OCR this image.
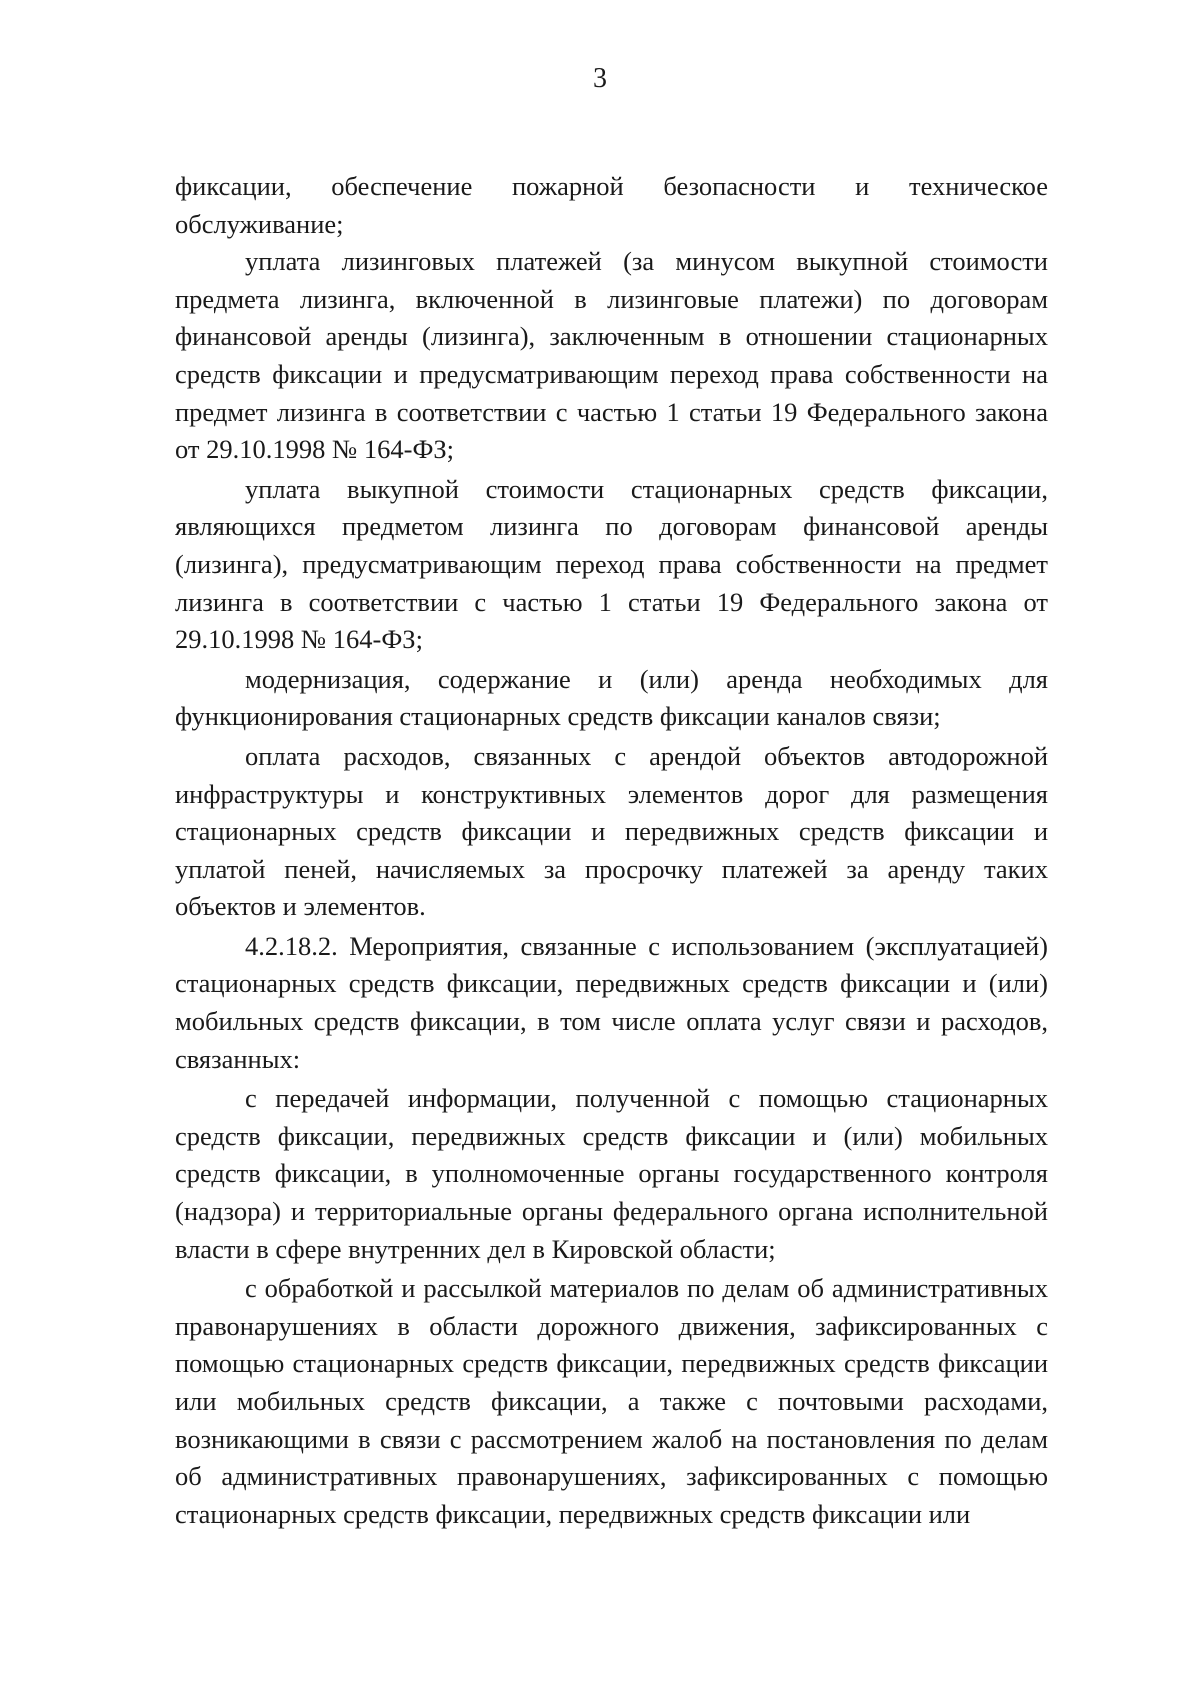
3

фиксации, обеспечение пожарной безопасности и техническое обслуживание;

уплата лизинговых платежей (за минусом выкупной стоимости предмета лизинга, включенной в лизинговые платежи) по договорам финансовой аренды (лизинга), заключенным в отношении стационарных средств фиксации и предусматривающим переход права собственности на предмет лизинга в соответствии с частью 1 статьи 19 Федерального закона от 29.10.1998 № 164-ФЗ;

уплата выкупной стоимости стационарных средств фиксации, являющихся предметом лизинга по договорам финансовой аренды (лизинга), предусматривающим переход права собственности на предмет лизинга в соответствии с частью 1 статьи 19 Федерального закона от 29.10.1998 № 164-ФЗ;

модернизация, содержание и (или) аренда необходимых для функционирования стационарных средств фиксации каналов связи;

оплата расходов, связанных с арендой объектов автодорожной инфраструктуры и конструктивных элементов дорог для размещения стационарных средств фиксации и передвижных средств фиксации и уплатой пеней, начисляемых за просрочку платежей за аренду таких объектов и элементов.

4.2.18.2. Мероприятия, связанные с использованием (эксплуатацией) стационарных средств фиксации, передвижных средств фиксации и (или) мобильных средств фиксации, в том числе оплата услуг связи и расходов, связанных:

с передачей информации, полученной с помощью стационарных средств фиксации, передвижных средств фиксации и (или) мобильных средств фиксации, в уполномоченные органы государственного контроля (надзора) и территориальные органы федерального органа исполнительной власти в сфере внутренних дел в Кировской области;

с обработкой и рассылкой материалов по делам об административных правонарушениях в области дорожного движения, зафиксированных с помощью стационарных средств фиксации, передвижных средств фиксации или мобильных средств фиксации, а также с почтовыми расходами, возникающими в связи с рассмотрением жалоб на постановления по делам об административных правонарушениях, зафиксированных с помощью стационарных средств фиксации, передвижных средств фиксации или
